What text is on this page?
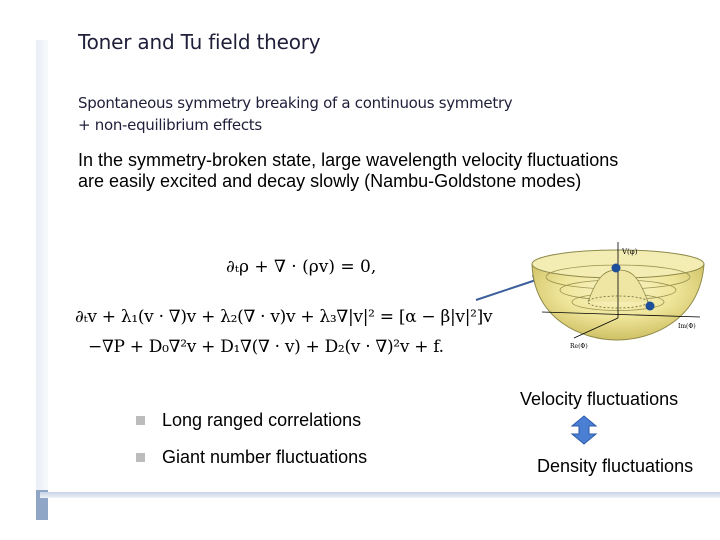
Toner and Tu field theory
Spontaneous symmetry breaking of a continuous symmetry
+ non-equilibrium effects
In the symmetry-broken state, large wavelength velocity fluctuations are easily excited and decay slowly (Nambu-Goldstone modes)
∂ₜρ + ∇ · (ρv) = 0,
∂ₜv + λ₁(v · ∇)v + λ₂(∇ · v)v + λ₃∇|v|² = [α − β|v|²]v
−∇P + D₀∇²v + D₁∇(∇ · v) + D₂(v · ∇)²v + f.
V(φ)
Im(Φ)
Re(Φ)
Long ranged correlations
Giant number fluctuations
Velocity fluctuations
Density fluctuations
